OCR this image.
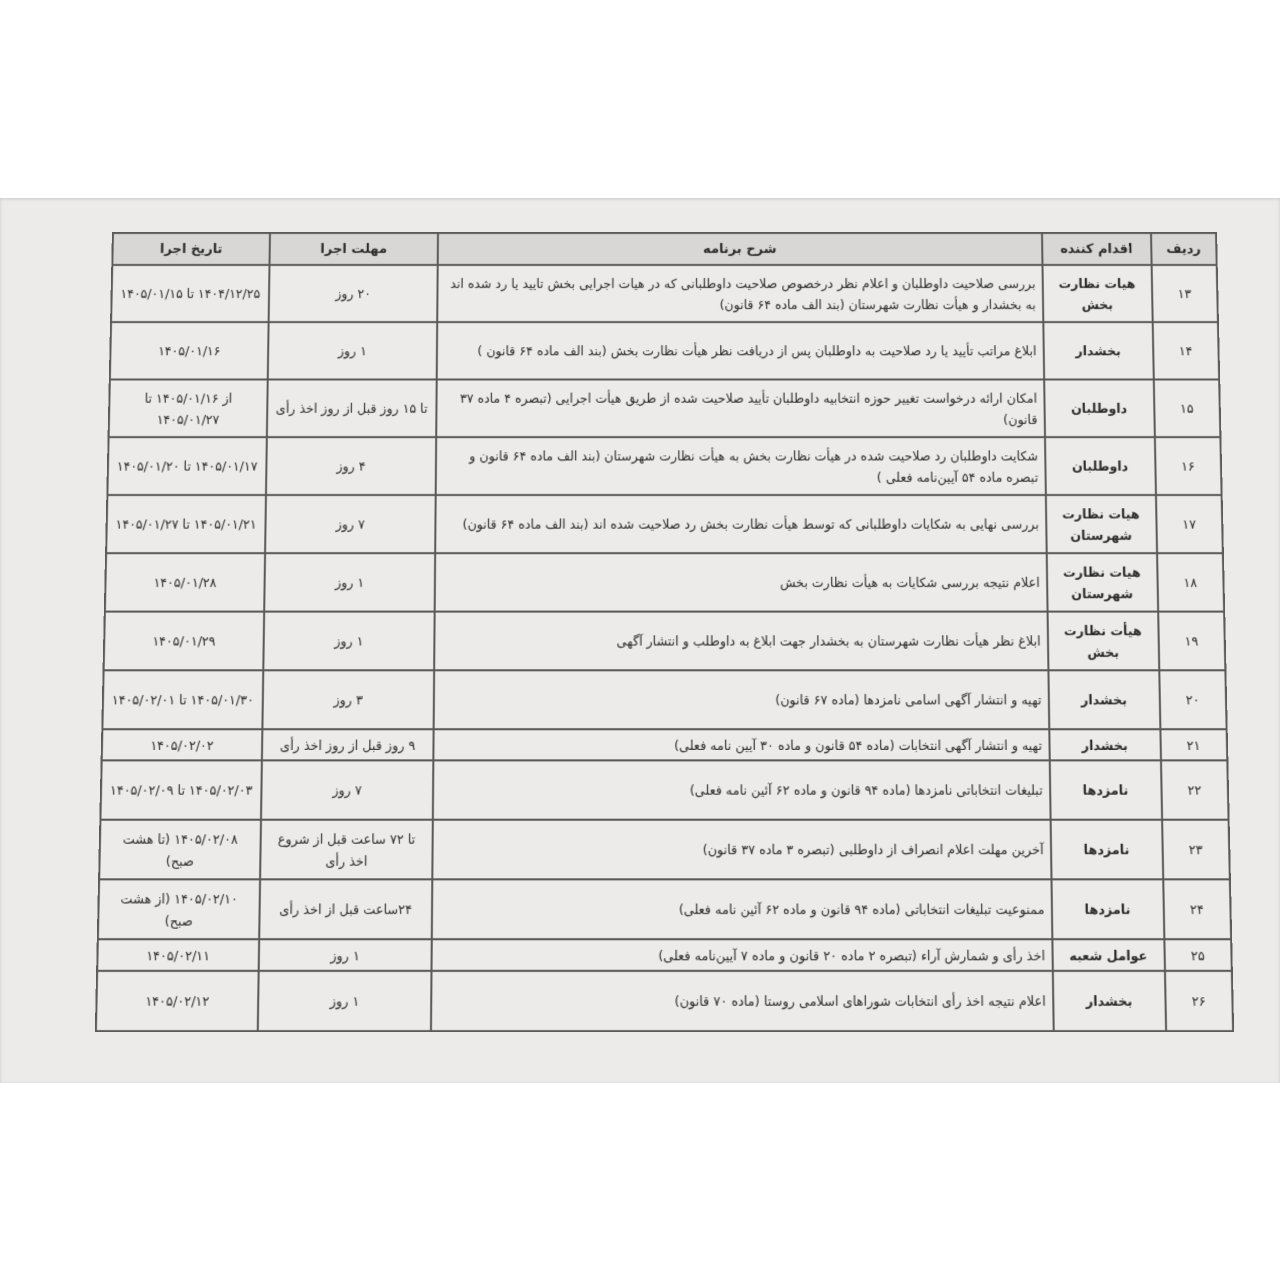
ردیف	اقدام کننده	شرح برنامه	مهلت اجرا	تاریخ اجرا
۱۳	هیات نظارت بخش	بررسی صلاحیت داوطلبان و اعلام نظر درخصوص صلاحیت داوطلبانی که در هیات اجرایی بخش تایید یا رد شده اند به بخشدار و هیأت نظارت شهرستان (بند الف ماده ۶۴ قانون)	۲۰ روز	۱۴۰۴/۱۲/۲۵ تا ۱۴۰۵/۰۱/۱۵
۱۴	بخشدار	ابلاغ مراتب تأیید یا رد صلاحیت به داوطلبان پس از دریافت نظر هیأت نظارت بخش (بند الف ماده ۶۴ قانون )	۱ روز	۱۴۰۵/۰۱/۱۶
۱۵	داوطلبان	امکان ارائه درخواست تغییر حوزه انتخابیه داوطلبان تأیید صلاحیت شده از طریق هیأت اجرایی (تبصره ۴ ماده ۳۷ قانون)	تا ۱۵ روز قبل از روز اخذ رأی	از ۱۴۰۵/۰۱/۱۶ تا ۱۴۰۵/۰۱/۲۷
۱۶	داوطلبان	شکایت داوطلبان رد صلاحیت شده در هیأت نظارت بخش به هیأت نظارت شهرستان (بند الف ماده ۶۴ قانون و تبصره ماده ۵۴ آیین‌نامه فعلی )	۴ روز	۱۴۰۵/۰۱/۱۷ تا ۱۴۰۵/۰۱/۲۰
۱۷	هیات نظارت شهرستان	بررسی نهایی به شکایات داوطلبانی که توسط هیأت نظارت بخش رد صلاحیت شده اند (بند الف ماده ۶۴ قانون)	۷ روز	۱۴۰۵/۰۱/۲۱ تا ۱۴۰۵/۰۱/۲۷
۱۸	هیات نظارت شهرستان	اعلام نتیجه بررسی شکایات به هیأت نظارت بخش	۱ روز	۱۴۰۵/۰۱/۲۸
۱۹	هیأت نظارت بخش	ابلاغ نظر هیأت نظارت شهرستان به بخشدار جهت ابلاغ به داوطلب و انتشار آگهی	۱ روز	۱۴۰۵/۰۱/۲۹
۲۰	بخشدار	تهیه و انتشار آگهی اسامی نامزدها (ماده ۶۷ قانون)	۳ روز	۱۴۰۵/۰۱/۳۰ تا ۱۴۰۵/۰۲/۰۱
۲۱	بخشدار	تهیه و انتشار آگهی انتخابات (ماده ۵۴ قانون و ماده ۳۰ آیین نامه فعلی)	۹ روز قبل از روز اخذ رأی	۱۴۰۵/۰۲/۰۲
۲۲	نامزدها	تبلیغات انتخاباتی نامزدها (ماده ۹۴ قانون و ماده ۶۲ آئین نامه فعلی)	۷ روز	۱۴۰۵/۰۲/۰۳ تا ۱۴۰۵/۰۲/۰۹
۲۳	نامزدها	آخرین مهلت اعلام انصراف از داوطلبی (تبصره ۳ ماده ۳۷ قانون)	تا ۷۲ ساعت قبل از شروع اخذ رأی	۱۴۰۵/۰۲/۰۸ (تا هشت صبح)
۲۴	نامزدها	ممنوعیت تبلیغات انتخاباتی (ماده ۹۴ قانون و ماده ۶۲ آئین نامه فعلی)	۲۴ساعت قبل از اخذ رأی	۱۴۰۵/۰۲/۱۰ (از هشت صبح)
۲۵	عوامل شعبه	اخذ رأی و شمارش آراء (تبصره ۲ ماده ۲۰ قانون و ماده ۷ آیین‌نامه فعلی)	۱ روز	۱۴۰۵/۰۲/۱۱
۲۶	بخشدار	اعلام نتیجه اخذ رأی انتخابات شوراهای اسلامی روستا (ماده ۷۰ قانون)	۱ روز	۱۴۰۵/۰۲/۱۲
